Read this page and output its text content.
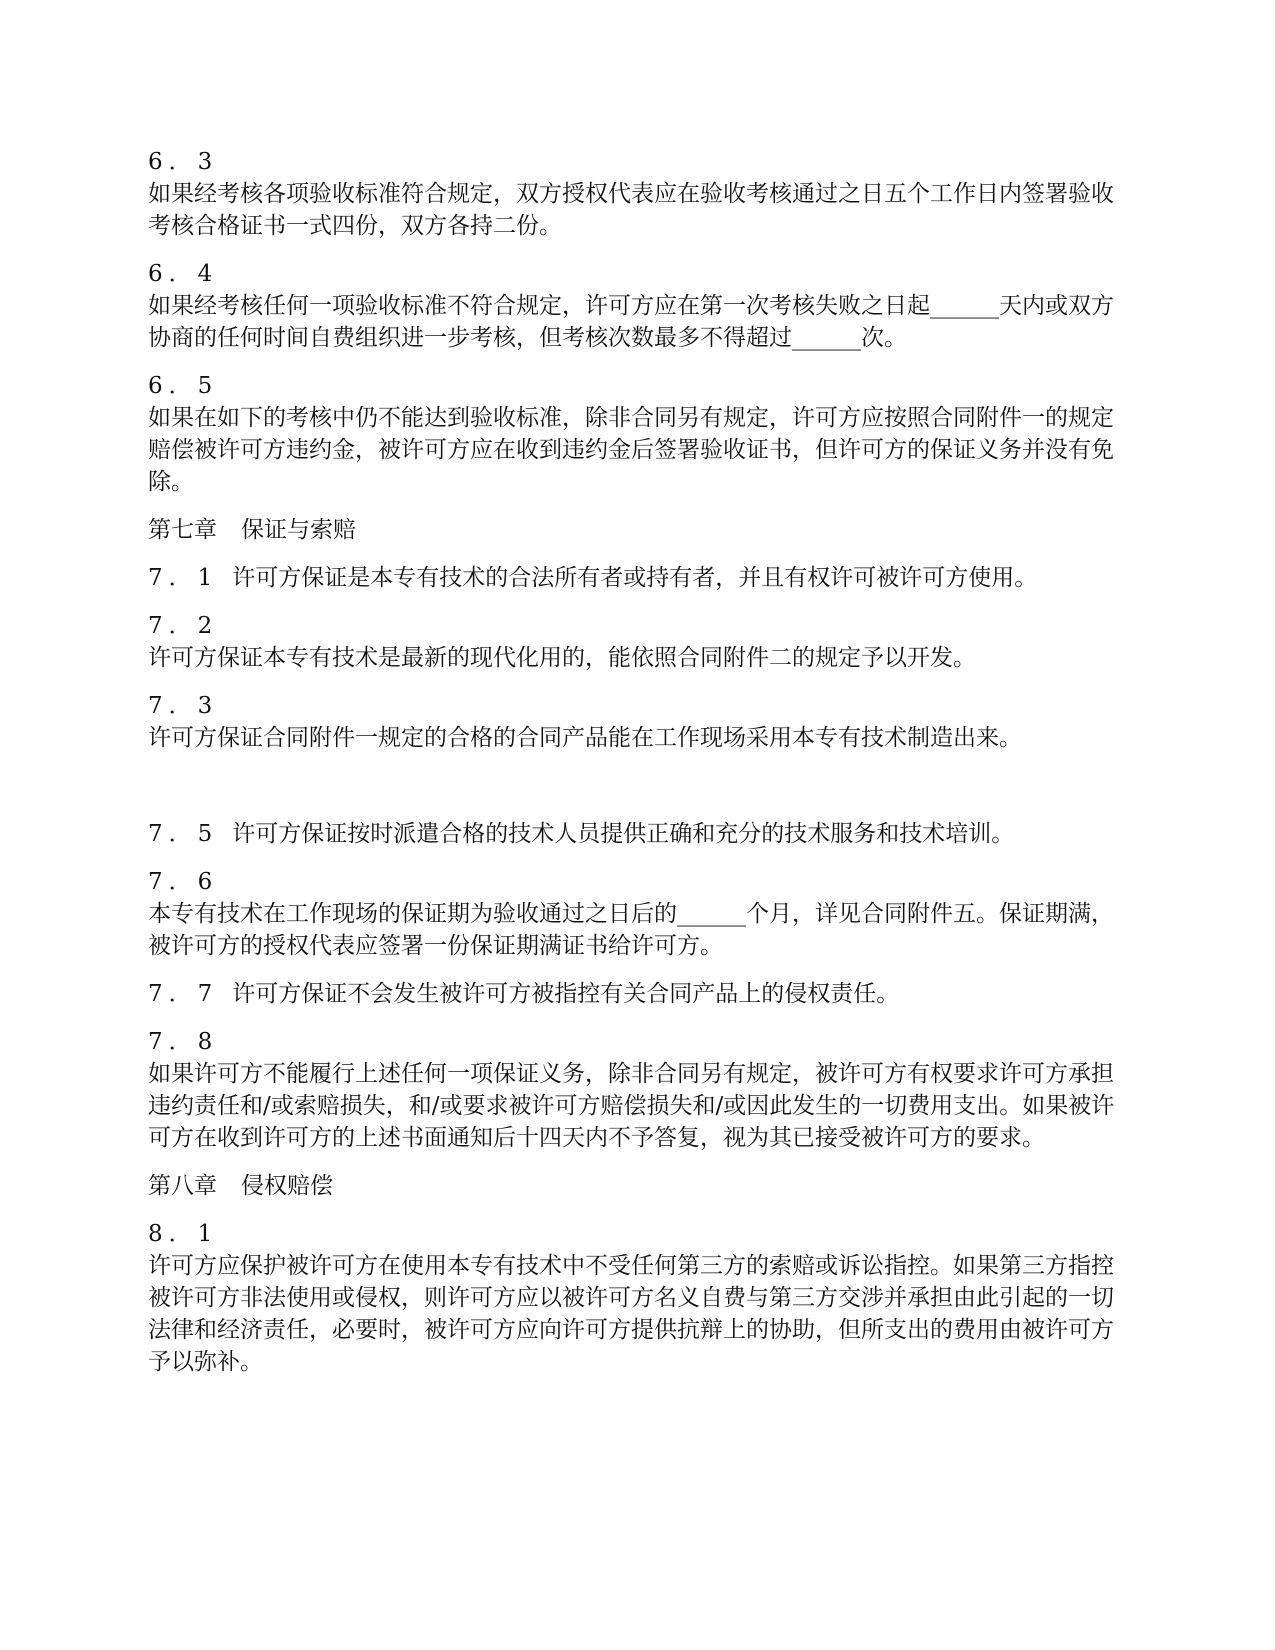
6．3
如果经考核各项验收标准符合规定，双方授权代表应在验收考核通过之日五个工作日内签署验收考核合格证书一式四份，双方各持二份。
6．4
如果经考核任何一项验收标准不符合规定，许可方应在第一次考核失败之日起______天内或双方协商的任何时间自费组织进一步考核，但考核次数最多不得超过______次。
6．5
如果在如下的考核中仍不能达到验收标准，除非合同另有规定，许可方应按照合同附件一的规定赔偿被许可方违约金，被许可方应在收到违约金后签署验收证书，但许可方的保证义务并没有免除。
第七章 保证与索赔
7．1 许可方保证是本专有技术的合法所有者或持有者，并且有权许可被许可方使用。
7．2
许可方保证本专有技术是最新的现代化用的，能依照合同附件二的规定予以开发。
7．3
许可方保证合同附件一规定的合格的合同产品能在工作现场采用本专有技术制造出来。
7．5 许可方保证按时派遣合格的技术人员提供正确和充分的技术服务和技术培训。
7．6
本专有技术在工作现场的保证期为验收通过之日后的______个月，详见合同附件五。保证期满，被许可方的授权代表应签署一份保证期满证书给许可方。
7．7 许可方保证不会发生被许可方被指控有关合同产品上的侵权责任。
7．8
如果许可方不能履行上述任何一项保证义务，除非合同另有规定，被许可方有权要求许可方承担违约责任和/或索赔损失，和/或要求被许可方赔偿损失和/或因此发生的一切费用支出。如果被许可方在收到许可方的上述书面通知后十四天内不予答复，视为其已接受被许可方的要求。
第八章 侵权赔偿
8．1
许可方应保护被许可方在使用本专有技术中不受任何第三方的索赔或诉讼指控。如果第三方指控被许可方非法使用或侵权，则许可方应以被许可方名义自费与第三方交涉并承担由此引起的一切法律和经济责任，必要时，被许可方应向许可方提供抗辩上的协助，但所支出的费用由被许可方予以弥补。
